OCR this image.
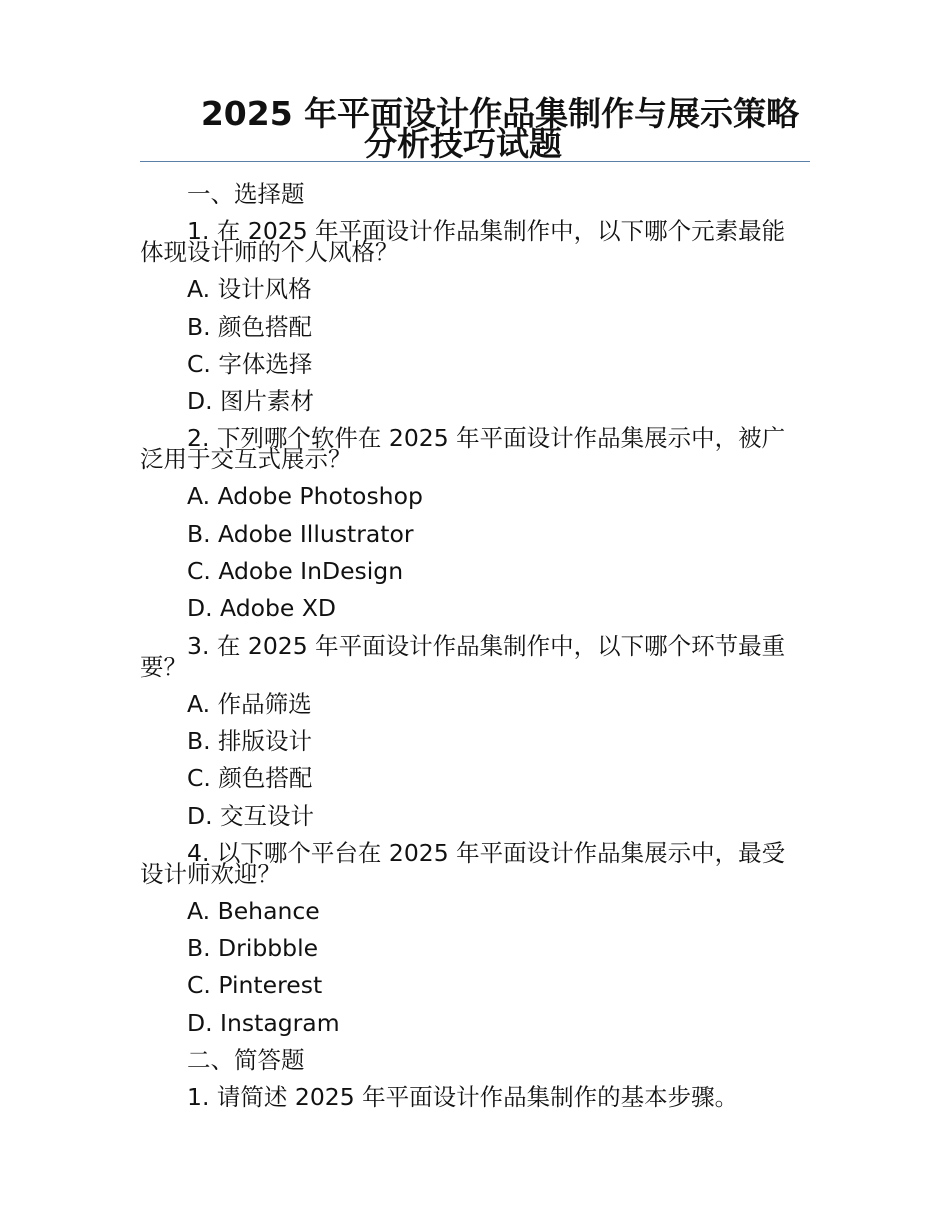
2025 年平面设计作品集制作与展示策略
分析技巧试题
一、选择题
1. 在 2025 年平面设计作品集制作中，以下哪个元素最能
体现设计师的个人风格？
A. 设计风格
B. 颜色搭配
C. 字体选择
D. 图片素材
2. 下列哪个软件在 2025 年平面设计作品集展示中，被广
泛用于交互式展示？
A. Adobe Photoshop
B. Adobe Illustrator
C. Adobe InDesign
D. Adobe XD
3. 在 2025 年平面设计作品集制作中，以下哪个环节最重
要？
A. 作品筛选
B. 排版设计
C. 颜色搭配
D. 交互设计
4. 以下哪个平台在 2025 年平面设计作品集展示中，最受
设计师欢迎？
A. Behance
B. Dribbble
C. Pinterest
D. Instagram
二、简答题
1. 请简述 2025 年平面设计作品集制作的基本步骤。
